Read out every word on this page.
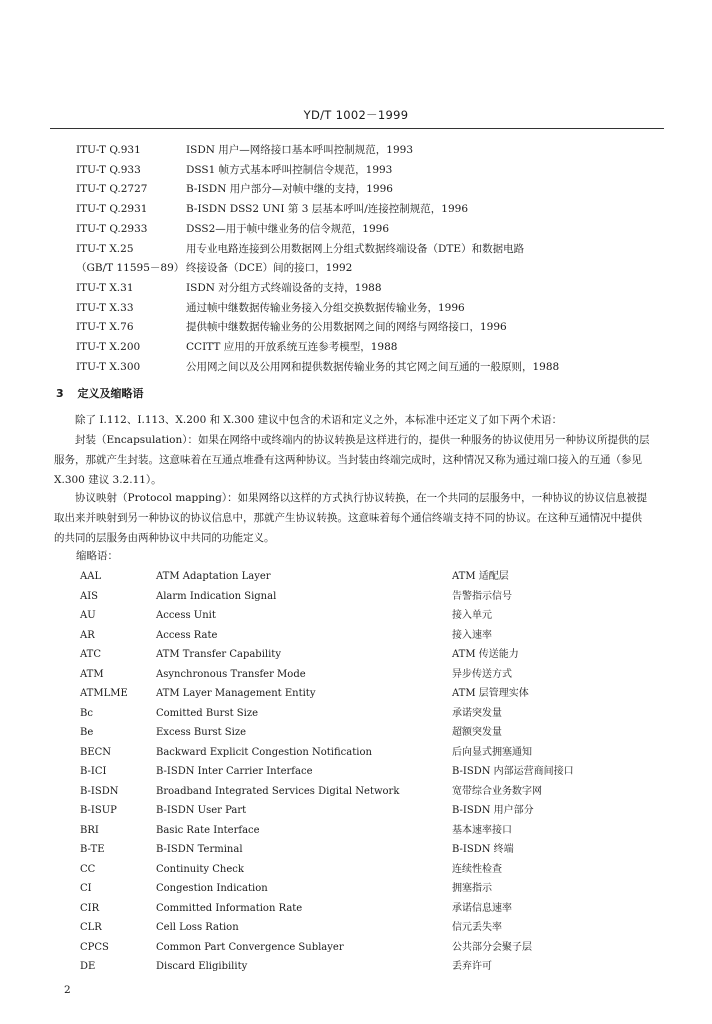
YD/T 1002－1999
ITU-T Q.931	ISDN 用户—网络接口基本呼叫控制规范，1993
ITU-T Q.933	DSS1 帧方式基本呼叫控制信令规范，1993
ITU-T Q.2727	B-ISDN 用户部分—对帧中继的支持，1996
ITU-T Q.2931	B-ISDN DSS2 UNI 第 3 层基本呼叫/连接控制规范，1996
ITU-T Q.2933	DSS2—用于帧中继业务的信令规范，1996
ITU-T X.25	用专业电路连接到公用数据网上分组式数据终端设备（DTE）和数据电路
（GB/T 11595－89） 终接设备（DCE）间的接口，1992
ITU-T X.31	ISDN 对分组方式终端设备的支持，1988
ITU-T X.33	通过帧中继数据传输业务接入分组交换数据传输业务，1996
ITU-T X.76	提供帧中继数据传输业务的公用数据网之间的网络与网络接口，1996
ITU-T X.200	CCITT 应用的开放系统互连参考模型，1988
ITU-T X.300	公用网之间以及公用网和提供数据传输业务的其它网之间互通的一般原则，1988
3 定义及缩略语

除了 I.112、I.113、X.200 和 X.300 建议中包含的术语和定义之外，本标准中还定义了如下两个术语：

封装（Encapsulation）：如果在网络中或终端内的协议转换是这样进行的，提供一种服务的协议使用另一种协议所提供的层服务，那就产生封装。这意味着在互通点堆叠有这两种协议。当封装由终端完成时，这种情况又称为通过端口接入的互通（参见 X.300 建议 3.2.11）。

协议映射（Protocol mapping）：如果网络以这样的方式执行协议转换，在一个共同的层服务中，一种协议的协议信息被提取出来并映射到另一种协议的协议信息中，那就产生协议转换。这意味着每个通信终端支持不同的协议。在这种互通情况中提供的共同的层服务由两种协议中共同的功能定义。

缩略语：
AAL	ATM Adaptation Layer	ATM 适配层
AIS	Alarm Indication Signal	告警指示信号
AU	Access Unit	接入单元
AR	Access Rate	接入速率
ATC	ATM Transfer Capability	ATM 传送能力
ATM	Asynchronous Transfer Mode	异步传送方式
ATMLME	ATM Layer Management Entity	ATM 层管理实体
Bc	Comitted Burst Size	承诺突发量
Be	Excess Burst Size	超额突发量
BECN	Backward Explicit Congestion Notification	后向显式拥塞通知
B-ICI	B-ISDN Inter Carrier Interface	B-ISDN 内部运营商间接口
B-ISDN	Broadband Integrated Services Digital Network	宽带综合业务数字网
B-ISUP	B-ISDN User Part	B-ISDN 用户部分
BRI	Basic Rate Interface	基本速率接口
B-TE	B-ISDN Terminal	B-ISDN 终端
CC	Continuity Check	连续性检查
CI	Congestion Indication	拥塞指示
CIR	Committed Information Rate	承诺信息速率
CLR	Cell Loss Ration	信元丢失率
CPCS	Common Part Convergence Sublayer	公共部分会聚子层
DE	Discard Eligibility	丢弃许可
2
